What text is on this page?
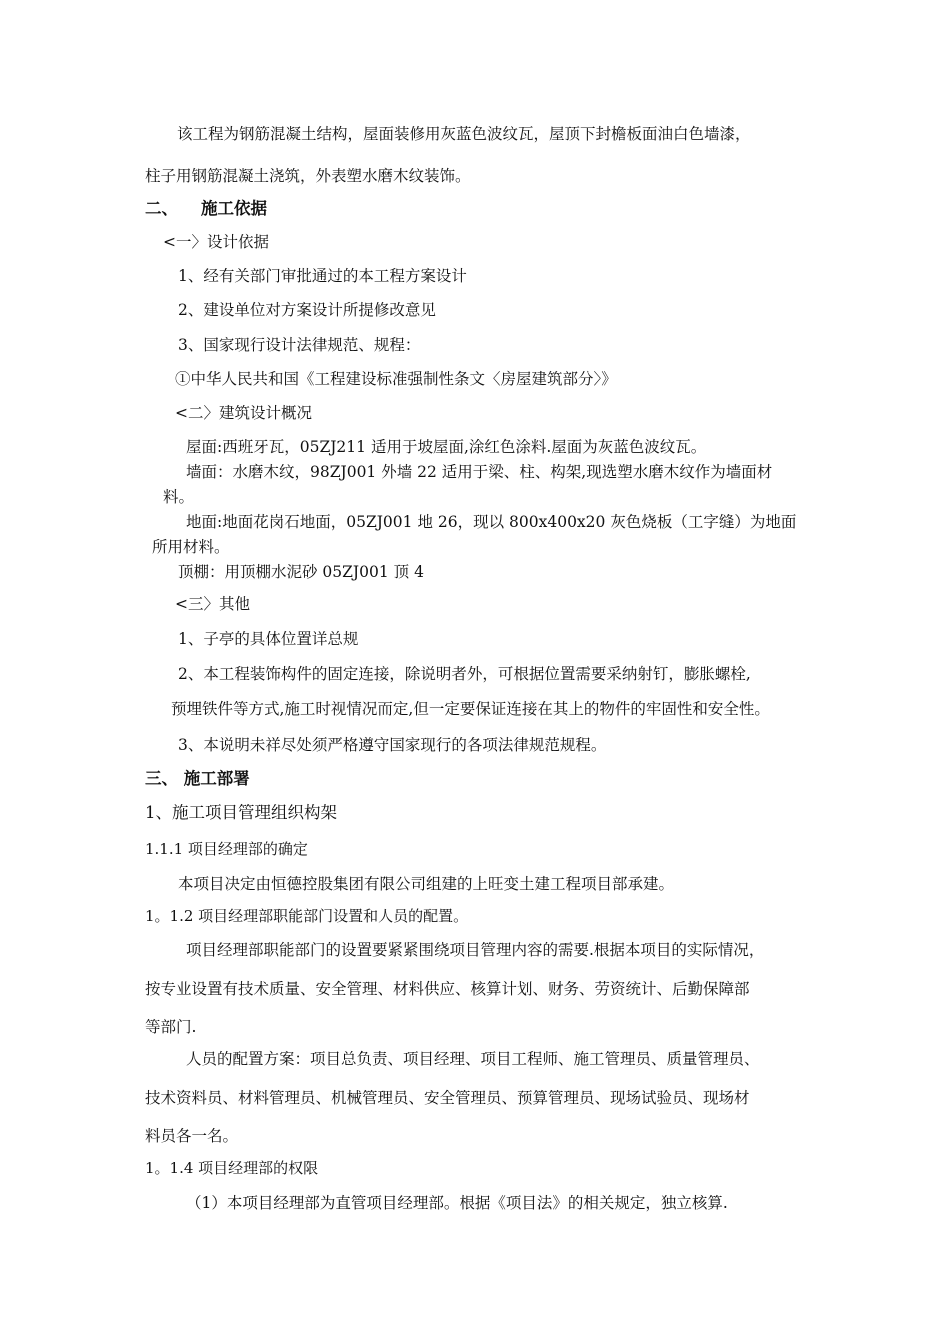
该工程为钢筋混凝土结构，屋面装修用灰蓝色波纹瓦，屋顶下封檐板面油白色墙漆，
柱子用钢筋混凝土浇筑，外表塑水磨木纹装饰。
二、 施工依据
<一〉设计依据
1、经有关部门审批通过的本工程方案设计
2、建设单位对方案设计所提修改意见
3、国家现行设计法律规范、规程：
①中华人民共和国《工程建设标准强制性条文〈房屋建筑部分〉》
<二〉建筑设计概况
屋面:西班牙瓦，05ZJ211 适用于坡屋面,涂红色涂料.屋面为灰蓝色波纹瓦。
墙面：水磨木纹，98ZJ001 外墙 22 适用于梁、柱、构架,现选塑水磨木纹作为墙面材
料。
地面:地面花岗石地面，05ZJ001 地 26，现以 800x400x20 灰色烧板（工字缝）为地面
所用材料。
顶棚：用顶棚水泥砂 05ZJ001 顶 4
<三〉其他
1、子亭的具体位置详总规
2、本工程装饰构件的固定连接，除说明者外，可根据位置需要采纳射钉，膨胀螺栓,
预埋铁件等方式,施工时视情况而定,但一定要保证连接在其上的物件的牢固性和安全性。
3、本说明未祥尽处须严格遵守国家现行的各项法律规范规程。
三、 施工部署
1、施工项目管理组织构架
1.1.1 项目经理部的确定
本项目决定由恒德控股集团有限公司组建的上旺变土建工程项目部承建。
1。1.2 项目经理部职能部门设置和人员的配置。
项目经理部职能部门的设置要紧紧围绕项目管理内容的需要.根据本项目的实际情况，
按专业设置有技术质量、安全管理、材料供应、核算计划、财务、劳资统计、后勤保障部
等部门.
人员的配置方案：项目总负责、项目经理、项目工程师、施工管理员、质量管理员、
技术资料员、材料管理员、机械管理员、安全管理员、预算管理员、现场试验员、现场材
料员各一名。
1。1.4 项目经理部的权限
（1）本项目经理部为直管项目经理部。根据《项目法》的相关规定，独立核算.
